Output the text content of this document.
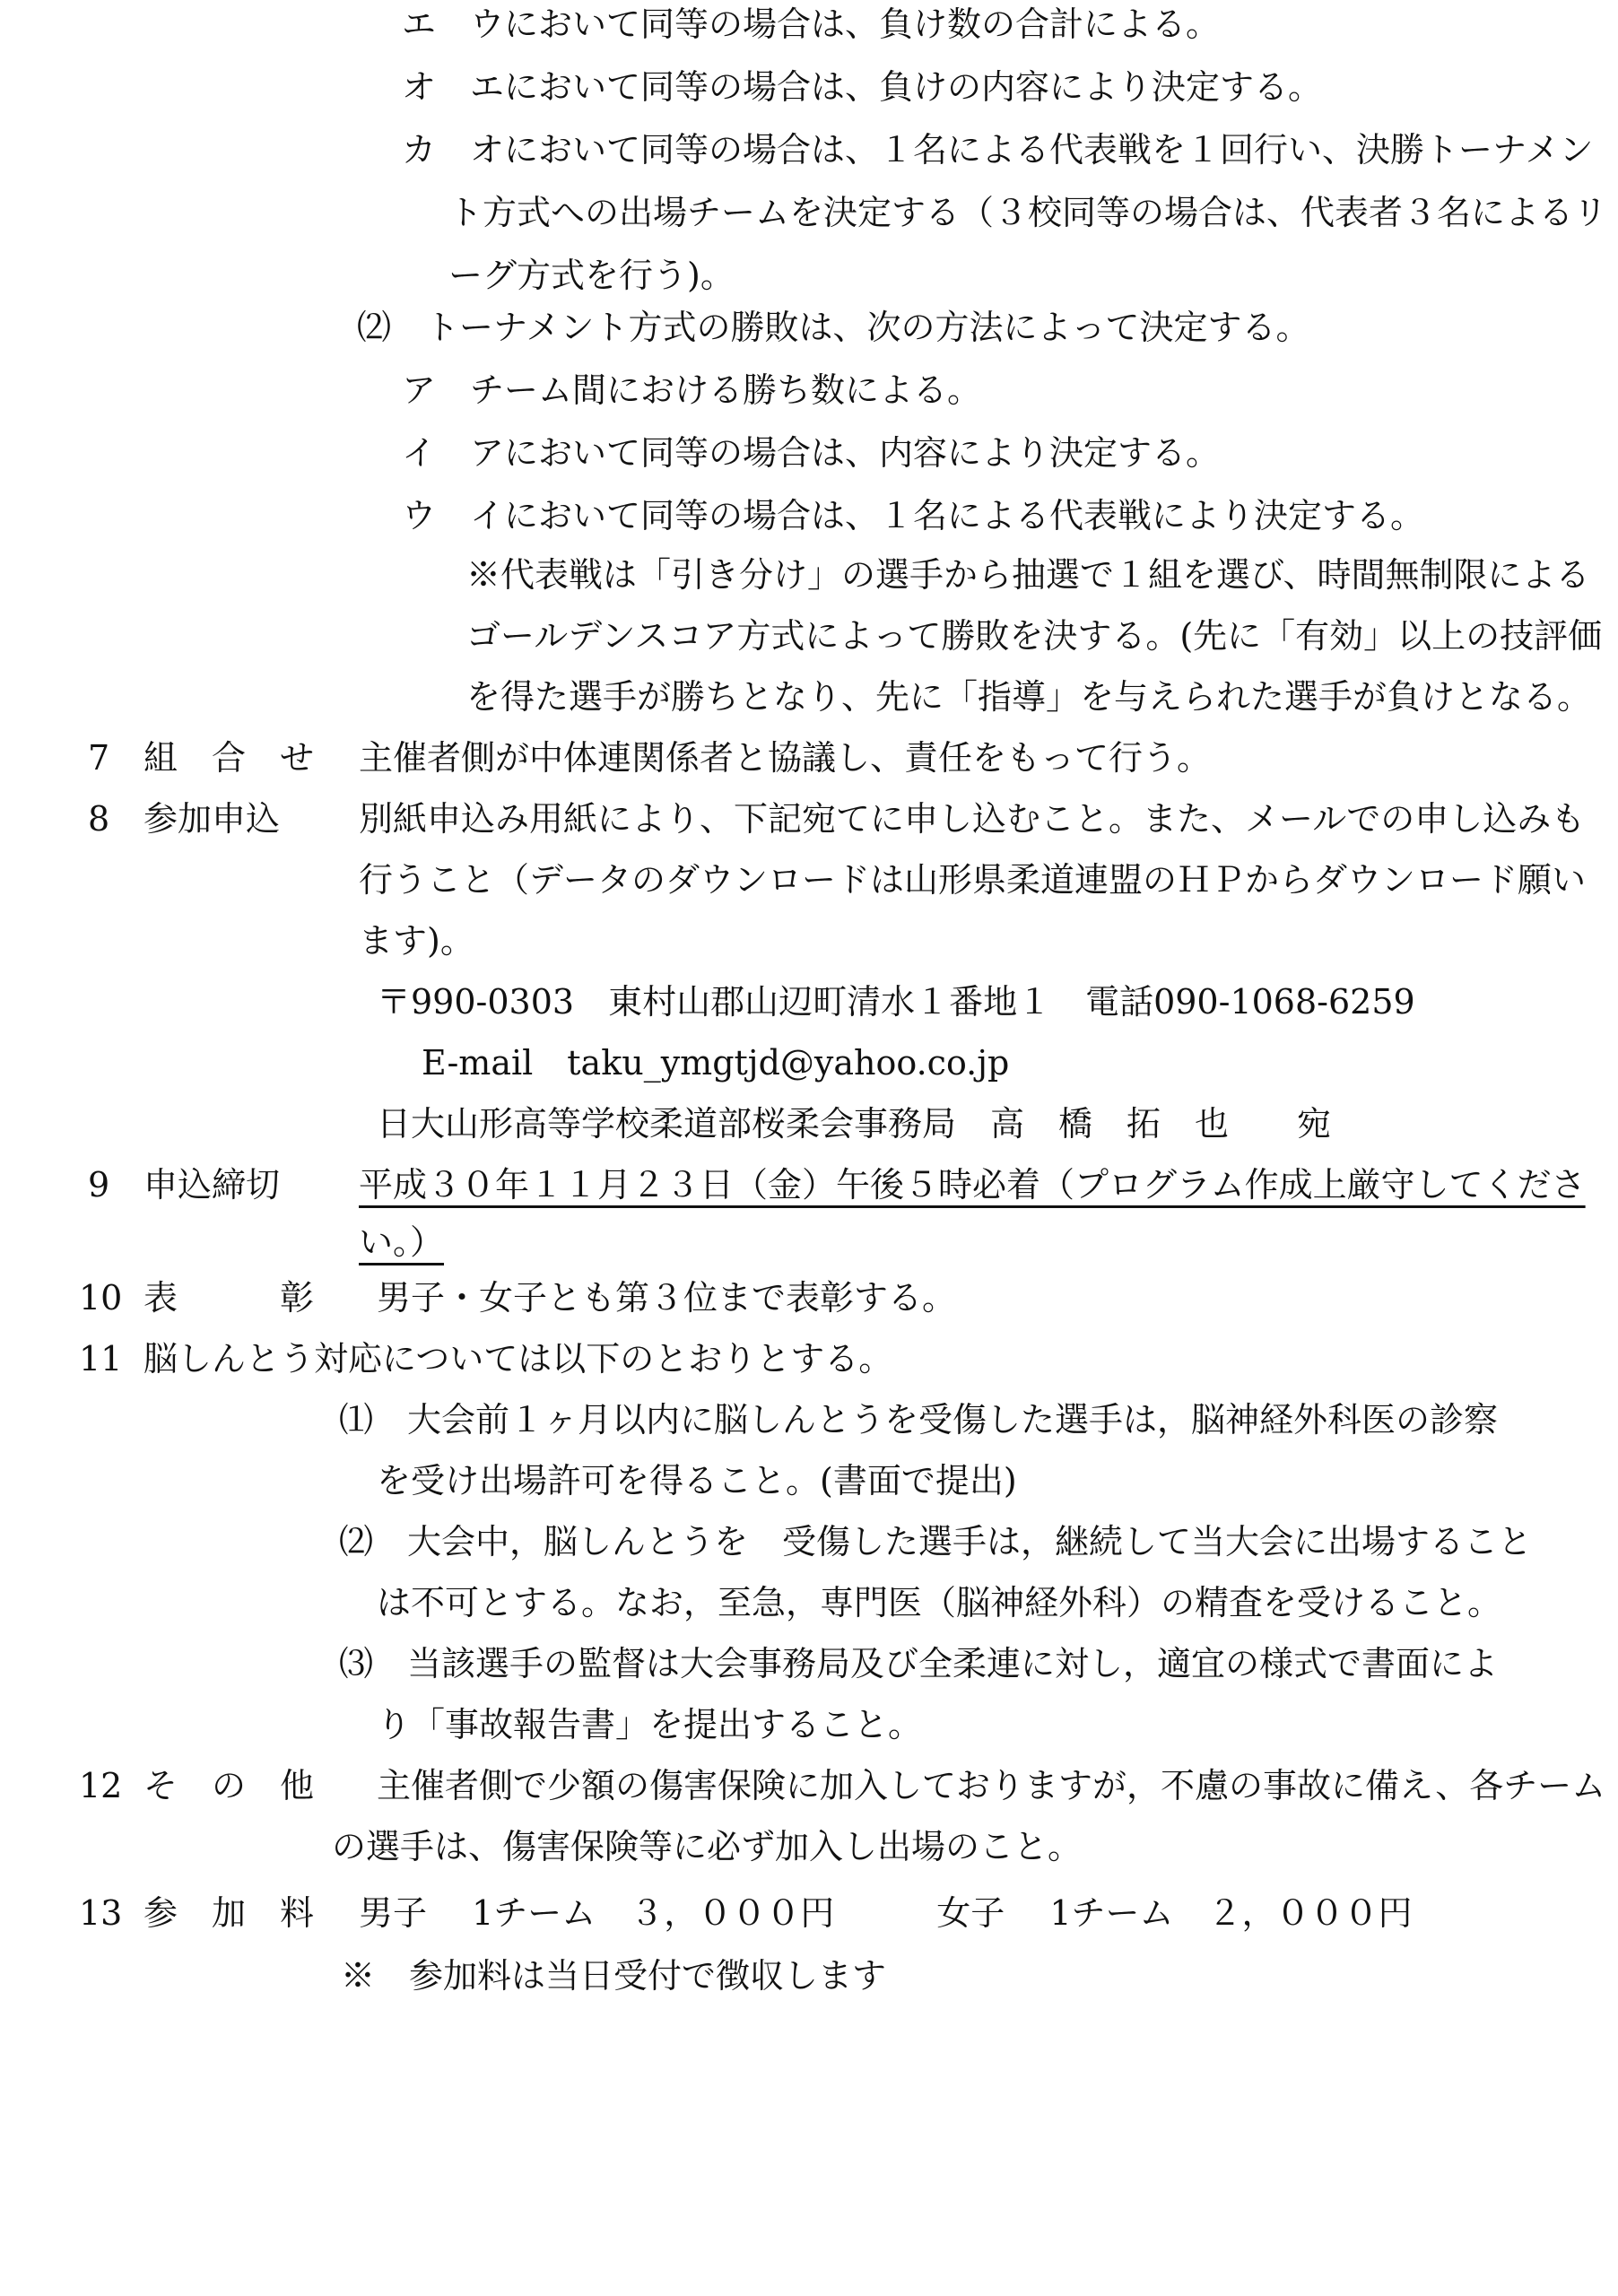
エ　ウにおいて同等の場合は、負け数の合計による。
オ　エにおいて同等の場合は、負けの内容により決定する。
カ　オにおいて同等の場合は、１名による代表戦を１回行い、決勝トーナメン
ト方式への出場チームを決定する（３校同等の場合は、代表者３名によるリ
ーグ方式を行う)。
⑵　トーナメント方式の勝敗は、次の方法によって決定する。
ア　チーム間における勝ち数による。
イ　アにおいて同等の場合は、内容により決定する。
ウ　イにおいて同等の場合は、１名による代表戦により決定する。
※代表戦は「引き分け」の選手から抽選で１組を選び、時間無制限による
ゴールデンスコア方式によって勝敗を決する。(先に「有効」以上の技評価
を得た選手が勝ちとなり、先に「指導」を与えられた選手が負けとなる。
7 組　合　せ 主催者側が中体連関係者と協議し、責任をもって行う。
8 参加申込 別紙申込み用紙により、下記宛てに申し込むこと。また、メールでの申し込みも
行うこと（データのダウンロードは山形県柔道連盟のＨＰからダウンロード願い
ます)。
〒990-0303　東村山郡山辺町清水１番地１　電話090-1068-6259
E-mail　taku_ymgtjd@yahoo.co.jp
日大山形高等学校柔道部桜柔会事務局　高　橋　拓　也　　宛
9 申込締切 平成３０年１１月２３日（金）午後５時必着（プログラム作成上厳守してくださ
い。）
10 表　　　彰 男子・女子とも第３位まで表彰する。
11 脳しんとう対応については以下のとおりとする。
⑴　大会前１ヶ月以内に脳しんとうを受傷した選手は，脳神経外科医の診察
を受け出場許可を得ること。(書面で提出)
⑵　大会中，脳しんとうを　受傷した選手は，継続して当大会に出場すること
は不可とする。なお，至急，専門医（脳神経外科）の精査を受けること。
⑶　当該選手の監督は大会事務局及び全柔連に対し，適宜の様式で書面によ
り「事故報告書」を提出すること。
12 そ　の　他 主催者側で少額の傷害保険に加入しておりますが，不慮の事故に備え、各チーム
の選手は、傷害保険等に必ず加入し出場のこと。
13 参　加　料 男子　 1チーム　３，０００円　　　女子　 1チーム　２，０００円
※　参加料は当日受付で徴収します
